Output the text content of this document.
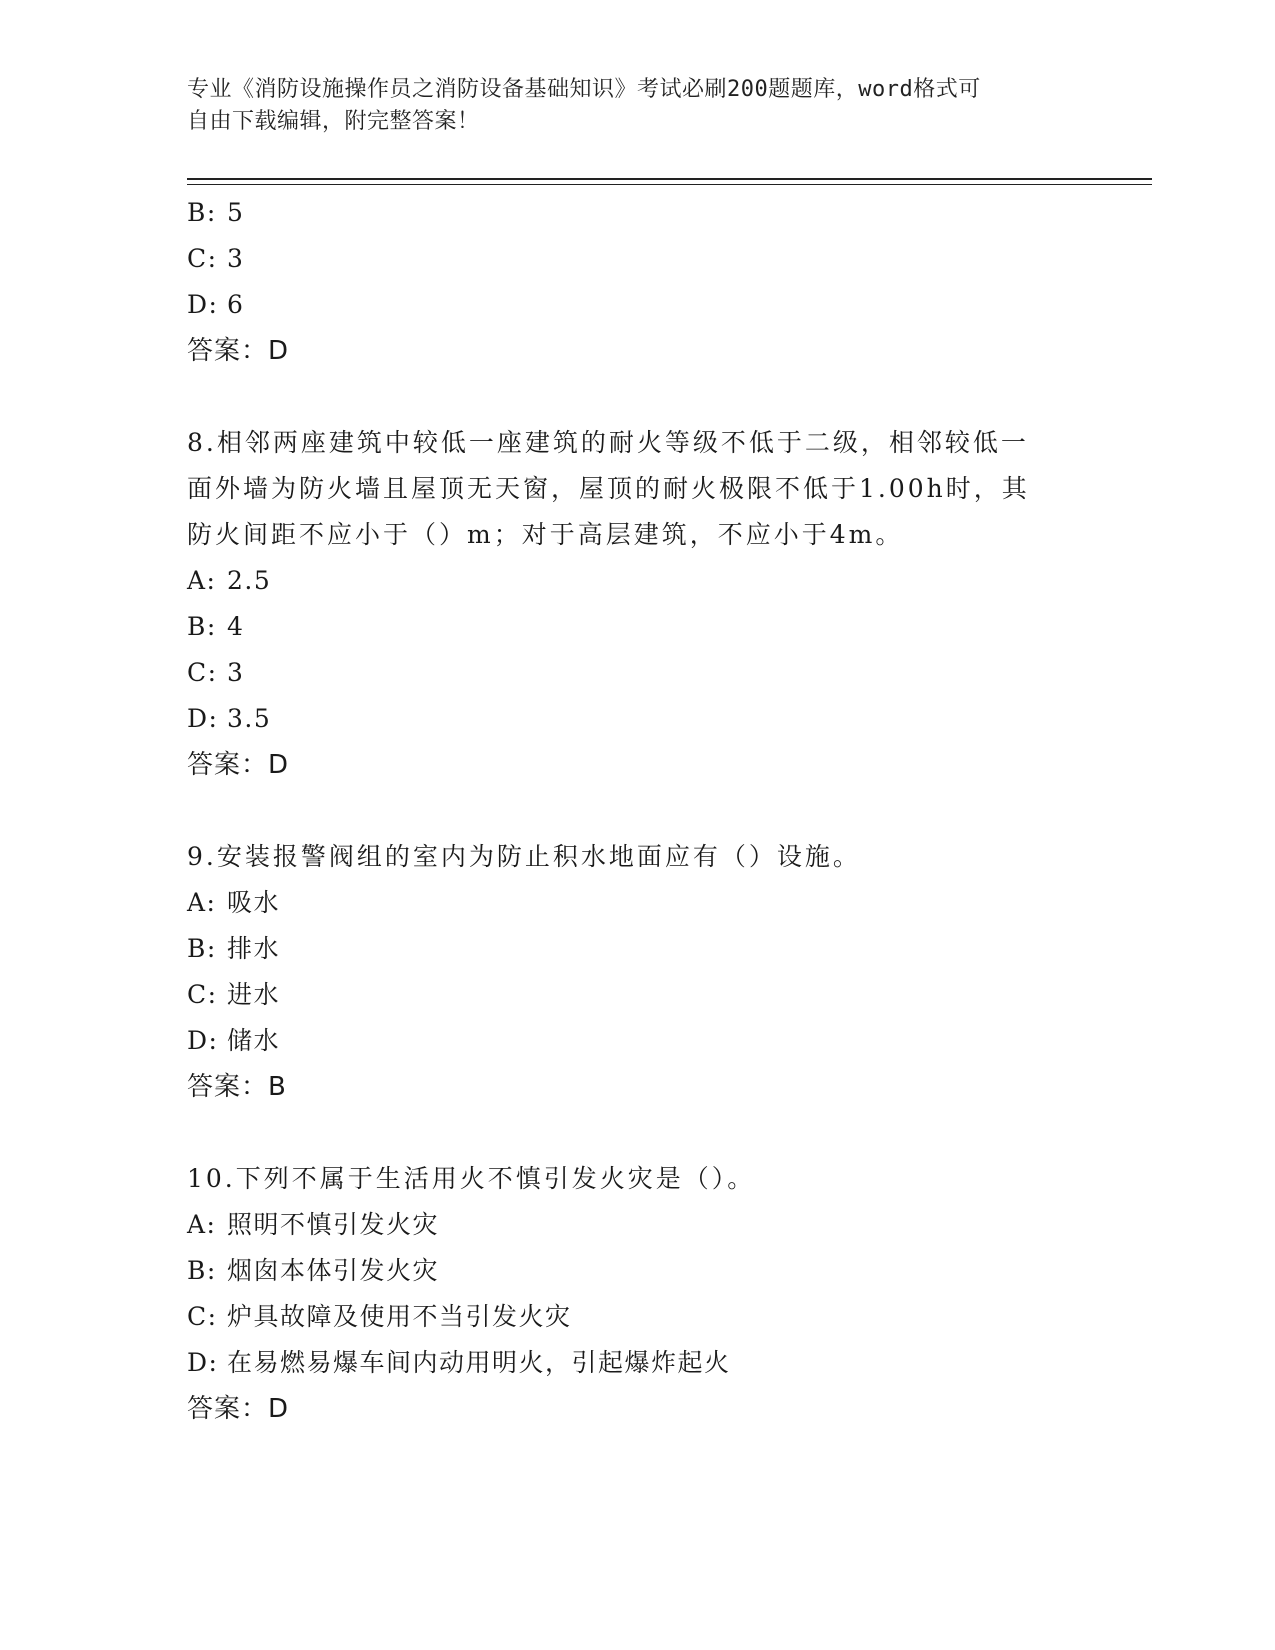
专业《消防设施操作员之消防设备基础知识》考试必刷200题题库，word格式可
自由下载编辑，附完整答案！
B: 5
C: 3
D: 6
答案：D
8.相邻两座建筑中较低一座建筑的耐火等级不低于二级，相邻较低一
面外墙为防火墙且屋顶无天窗，屋顶的耐火极限不低于1.00h时，其
防火间距不应小于（）m；对于高层建筑，不应小于4m。
A: 2.5
B: 4
C: 3
D: 3.5
答案：D
9.安装报警阀组的室内为防止积水地面应有（）设施。
A: 吸水
B: 排水
C: 进水
D: 储水
答案：B
10.下列不属于生活用火不慎引发火灾是（）。
A: 照明不慎引发火灾
B: 烟囱本体引发火灾
C: 炉具故障及使用不当引发火灾
D: 在易燃易爆车间内动用明火，引起爆炸起火
答案：D
